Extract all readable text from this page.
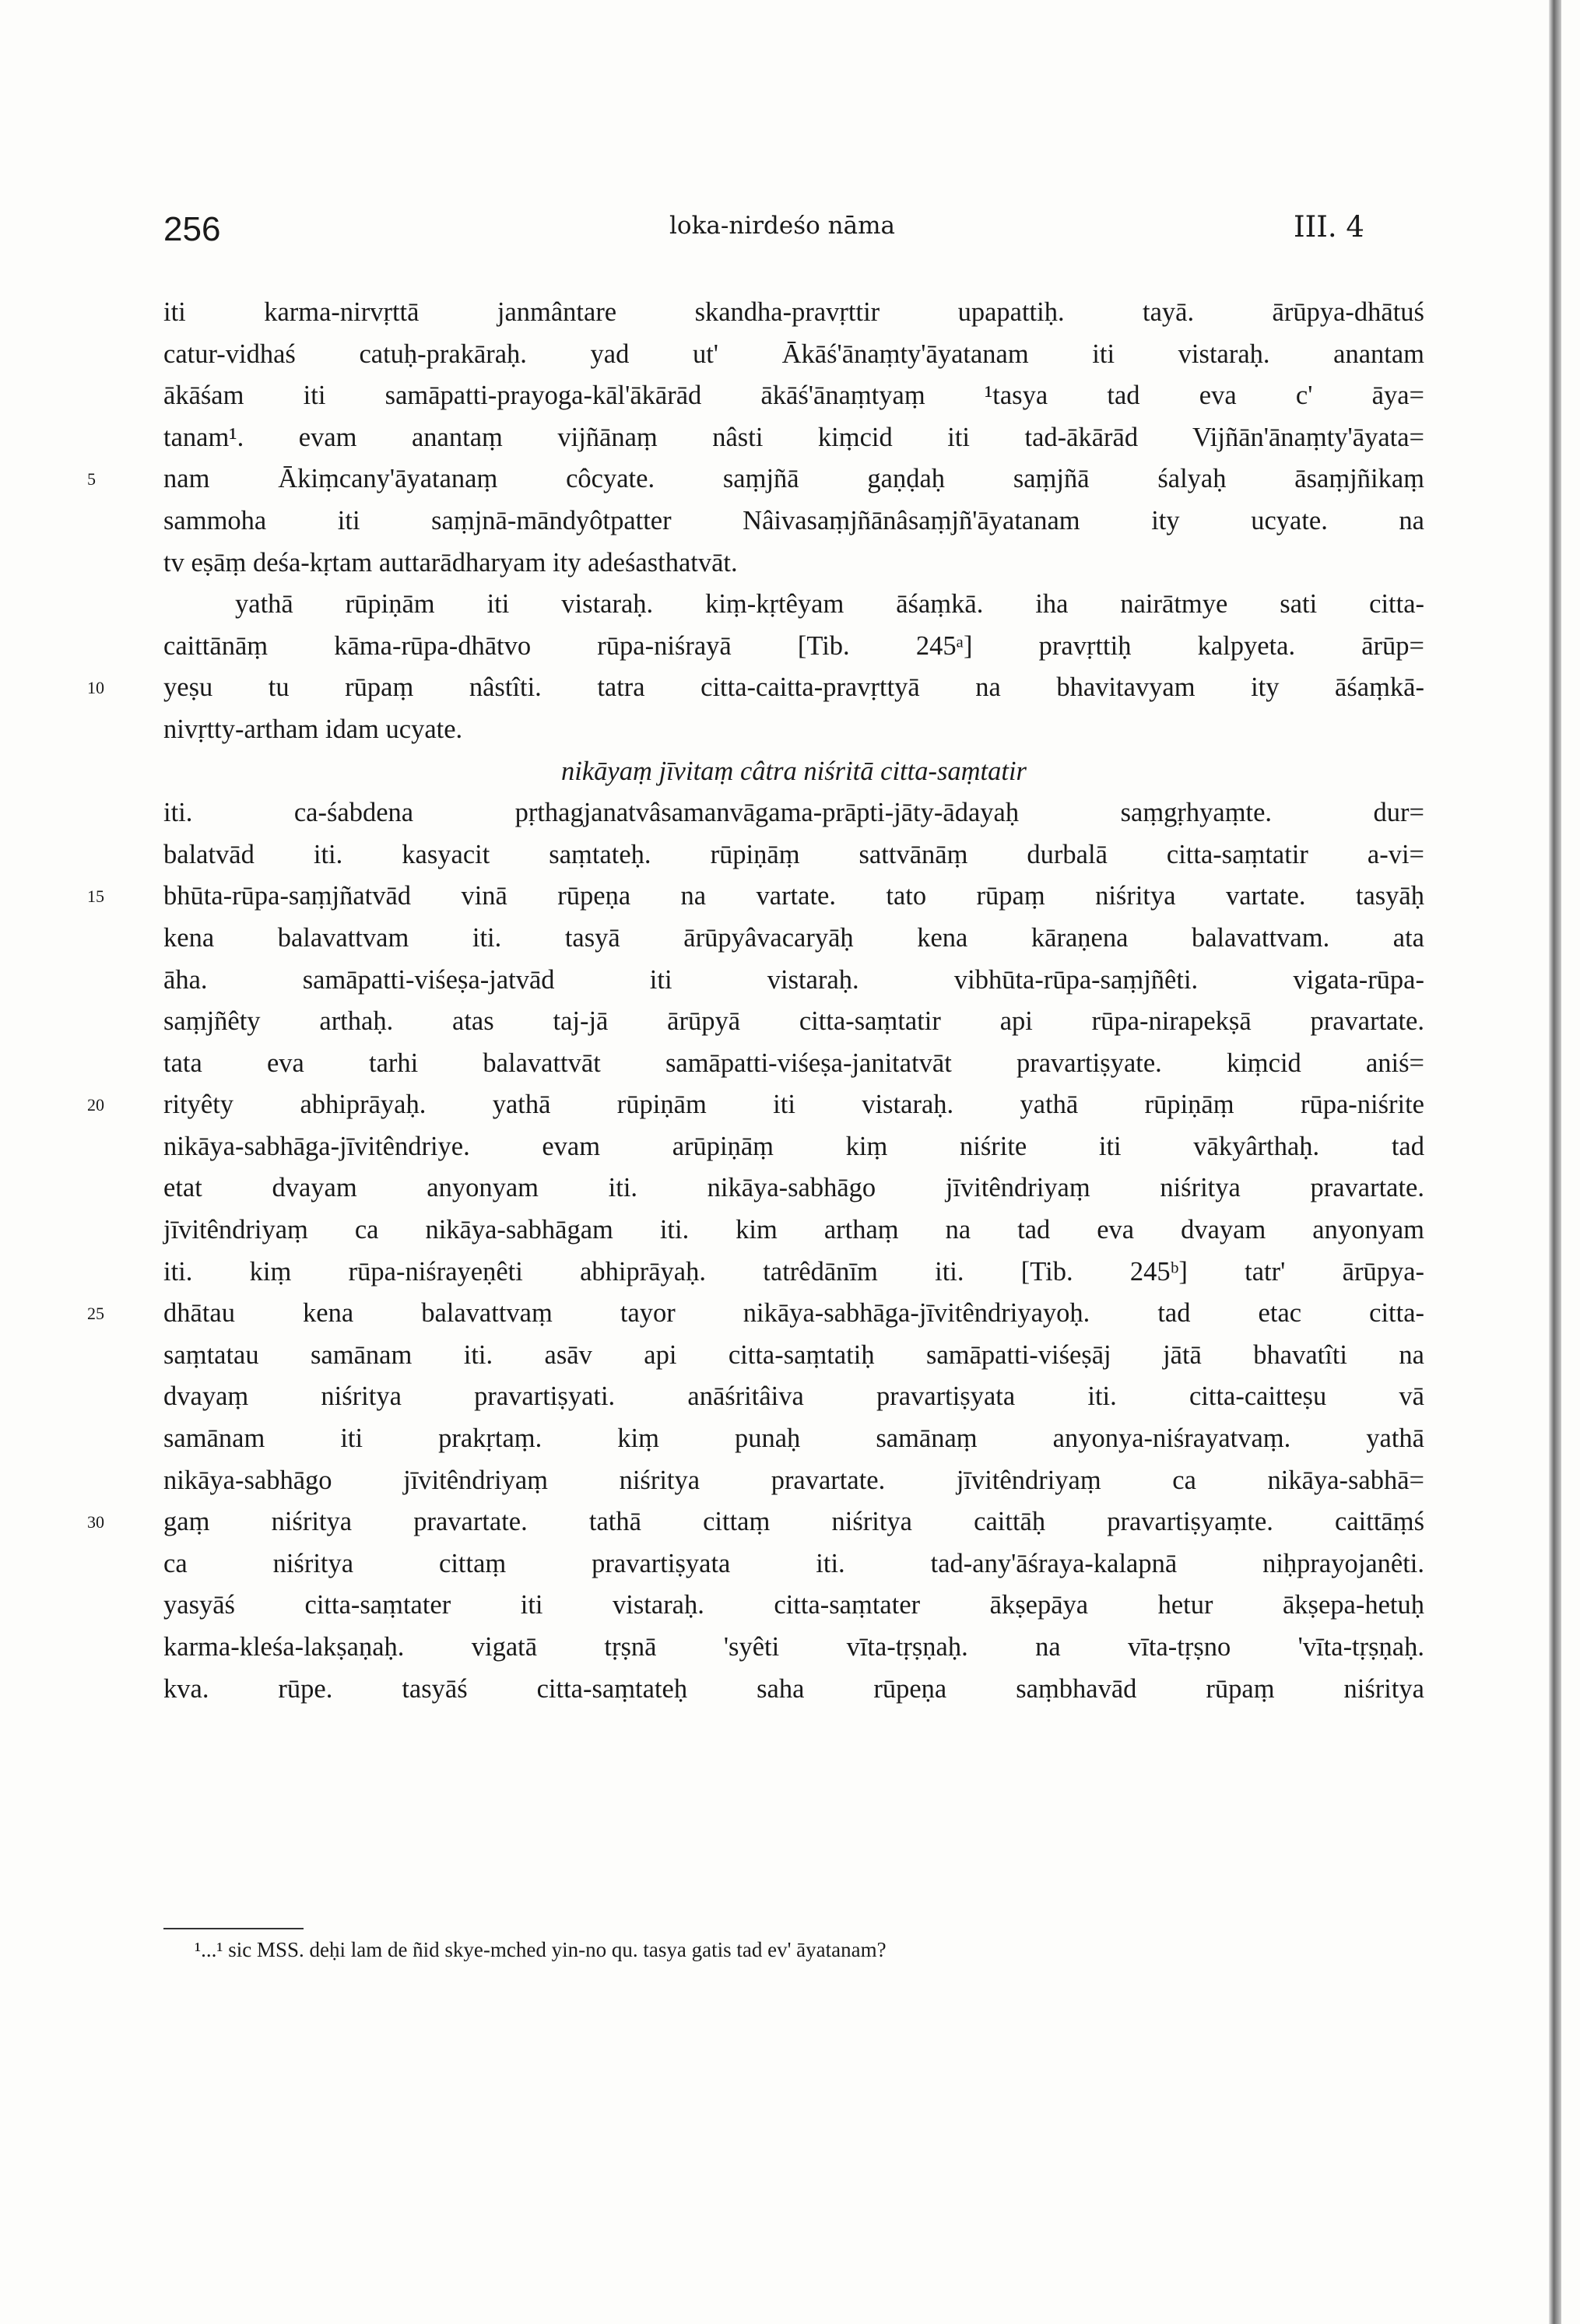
256	loka-nirdeśo nāma	III. 4
iti karma-nirvṛttā janmântare skandha-pravṛttir upapattiḥ. tayā. ārūpya-dhātuś
catur-vidhaś catuḥ-prakāraḥ. yad ut' Ākāś'ānaṃty'āyatanam iti vistaraḥ. anantam
ākāśam iti samāpatti-prayoga-kāl'ākārād ākāś'ānaṃtyaṃ ¹tasya tad eva c' āya=
tanam¹. evam anantaṃ vijñānaṃ nâsti kiṃcid iti tad-ākārād Vijñān'ānaṃty'āyata=
5	nam Ākiṃcany'āyatanaṃ côcyate. saṃjñā gaṇḍaḥ saṃjñā śalyaḥ āsaṃjñikaṃ
sammoha iti saṃjnā-māndyôtpatter Nâivasaṃjñānâsaṃjñ'āyatanam ity ucyate. na
tv eṣāṃ deśa-kṛtam auttarādharyam ity adeśasthatvāt.
yathā rūpiṇām iti vistaraḥ. kiṃ-kṛtêyam āśaṃkā. iha nairātmye sati citta-
caittānāṃ kāma-rūpa-dhātvo rūpa-niśrayā [Tib. 245ᵃ] pravṛttiḥ kalpyeta. ārūp=
10	yeṣu tu rūpaṃ nâstîti. tatra citta-caitta-pravṛttyā na bhavitavyam ity āśaṃkā-
nivṛtty-artham idam ucyate.
nikāyaṃ jīvitaṃ câtra niśritā citta-saṃtatir
iti. ca-śabdena pṛthagjanatvâsamanvāgama-prāpti-jāty-ādayaḥ saṃgṛhyaṃte. dur=
balatvād iti. kasyacit saṃtateḥ. rūpiṇāṃ sattvānāṃ durbalā citta-saṃtatir a-vi=
15	bhūta-rūpa-saṃjñatvād vinā rūpeṇa na vartate. tato rūpaṃ niśritya vartate. tasyāḥ
kena balavattvam iti. tasyā ārūpyâvacaryāḥ kena kāraṇena balavattvam. ata
āha. samāpatti-viśeṣa-jatvād iti vistaraḥ. vibhūta-rūpa-saṃjñêti. vigata-rūpa-
saṃjñêty arthaḥ. atas taj-jā ārūpyā citta-saṃtatir api rūpa-nirapekṣā pravartate.
tata eva tarhi balavattvāt samāpatti-viśeṣa-janitatvāt pravartiṣyate. kiṃcid aniś=
20	rityêty abhiprāyaḥ. yathā rūpiṇām iti vistaraḥ. yathā rūpiṇāṃ rūpa-niśrite
nikāya-sabhāga-jīvitêndriye. evam arūpiṇāṃ kiṃ niśrite iti vākyârthaḥ. tad
etat dvayam anyonyam iti. nikāya-sabhāgo jīvitêndriyaṃ niśritya pravartate.
jīvitêndriyaṃ ca nikāya-sabhāgam iti. kim arthaṃ na tad eva dvayam anyonyam
iti. kiṃ rūpa-niśrayeṇêti abhiprāyaḥ. tatrêdānīm iti. [Tib. 245ᵇ] tatr' ārūpya-
25	dhātau kena balavattvaṃ tayor nikāya-sabhāga-jīvitêndriyayoḥ. tad etac citta-
saṃtatau samānam iti. asāv api citta-saṃtatiḥ samāpatti-viśeṣāj jātā bhavatîti na
dvayaṃ niśritya pravartiṣyati. anāśritâiva pravartiṣyata iti. citta-caitteṣu vā
samānam iti prakṛtaṃ. kiṃ punaḥ samānaṃ anyonya-niśrayatvaṃ. yathā
nikāya-sabhāgo jīvitêndriyaṃ niśritya pravartate. jīvitêndriyaṃ ca nikāya-sabhā=
30	gaṃ niśritya pravartate. tathā cittaṃ niśritya caittāḥ pravartiṣyaṃte. caittāṃś
ca niśritya cittaṃ pravartiṣyata iti. tad-any'āśraya-kalapnā niḥprayojanêti.
yasyāś citta-saṃtater iti vistaraḥ. citta-saṃtater ākṣepāya hetur ākṣepa-hetuḥ
karma-kleśa-lakṣaṇaḥ. vigatā tṛṣnā 'syêti vīta-tṛṣṇaḥ. na vīta-tṛṣno 'vīta-tṛṣṇaḥ.
kva. rūpe. tasyāś citta-saṃtateḥ saha rūpeṇa saṃbhavād rūpaṃ niśritya
¹...¹ sic MSS. deḥi lam de ñid skye-mched yin-no qu. tasya gatis tad ev' āyatanam?
